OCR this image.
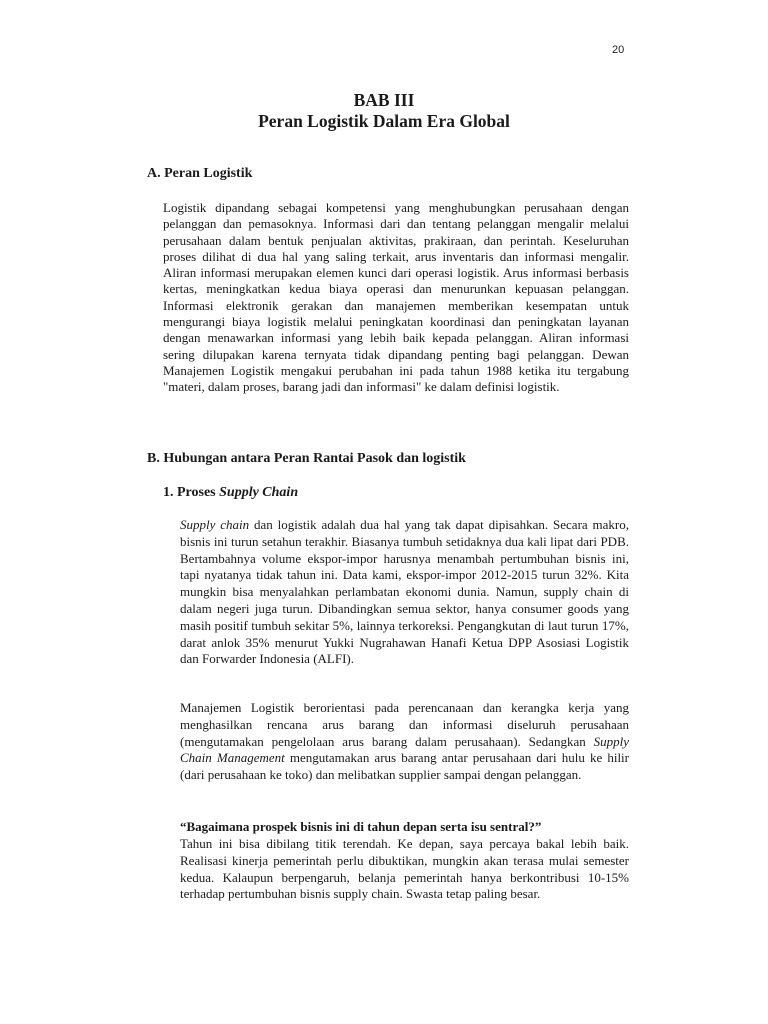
20
BAB III
Peran Logistik Dalam Era Global
A. Peran Logistik
Logistik dipandang sebagai kompetensi yang menghubungkan perusahaan dengan pelanggan dan pemasoknya. Informasi dari dan tentang pelanggan mengalir melalui perusahaan dalam bentuk penjualan aktivitas, prakiraan, dan perintah. Keseluruhan proses dilihat di dua hal yang saling terkait, arus inventaris dan informasi mengalir. Aliran informasi merupakan elemen kunci dari operasi logistik. Arus informasi berbasis kertas, meningkatkan kedua biaya operasi dan menurunkan kepuasan pelanggan. Informasi elektronik gerakan dan manajemen memberikan kesempatan untuk mengurangi biaya logistik melalui peningkatan koordinasi dan peningkatan layanan dengan menawarkan informasi yang lebih baik kepada pelanggan. Aliran informasi sering dilupakan karena ternyata tidak dipandang penting bagi pelanggan. Dewan Manajemen Logistik mengakui perubahan ini pada tahun 1988 ketika itu tergabung "materi, dalam proses, barang jadi dan informasi" ke dalam definisi logistik.
B. Hubungan antara Peran Rantai Pasok dan logistik
1. Proses Supply Chain
Supply chain dan logistik adalah dua hal yang tak dapat dipisahkan. Secara makro, bisnis ini turun setahun terakhir. Biasanya tumbuh setidaknya dua kali lipat dari PDB. Bertambahnya volume ekspor-impor harusnya menambah pertumbuhan bisnis ini, tapi nyatanya tidak tahun ini. Data kami, ekspor-impor 2012-2015 turun 32%. Kita mungkin bisa menyalahkan perlambatan ekonomi dunia. Namun, supply chain di dalam negeri juga turun. Dibandingkan semua sektor, hanya consumer goods yang masih positif tumbuh sekitar 5%, lainnya terkoreksi. Pengangkutan di laut turun 17%, darat anlok 35% menurut Yukki Nugrahawan Hanafi Ketua DPP Asosiasi Logistik dan Forwarder Indonesia (ALFI).
Manajemen Logistik berorientasi pada perencanaan dan kerangka kerja yang menghasilkan rencana arus barang dan informasi diseluruh perusahaan (mengutamakan pengelolaan arus barang dalam perusahaan). Sedangkan Supply Chain Management mengutamakan arus barang antar perusahaan dari hulu ke hilir (dari perusahaan ke toko) dan melibatkan supplier sampai dengan pelanggan.
“Bagaimana prospek bisnis ini di tahun depan serta isu sentral?”
Tahun ini bisa dibilang titik terendah. Ke depan, saya percaya bakal lebih baik. Realisasi kinerja pemerintah perlu dibuktikan, mungkin akan terasa mulai semester kedua. Kalaupun berpengaruh, belanja pemerintah hanya berkontribusi 10-15% terhadap pertumbuhan bisnis supply chain. Swasta tetap paling besar.
